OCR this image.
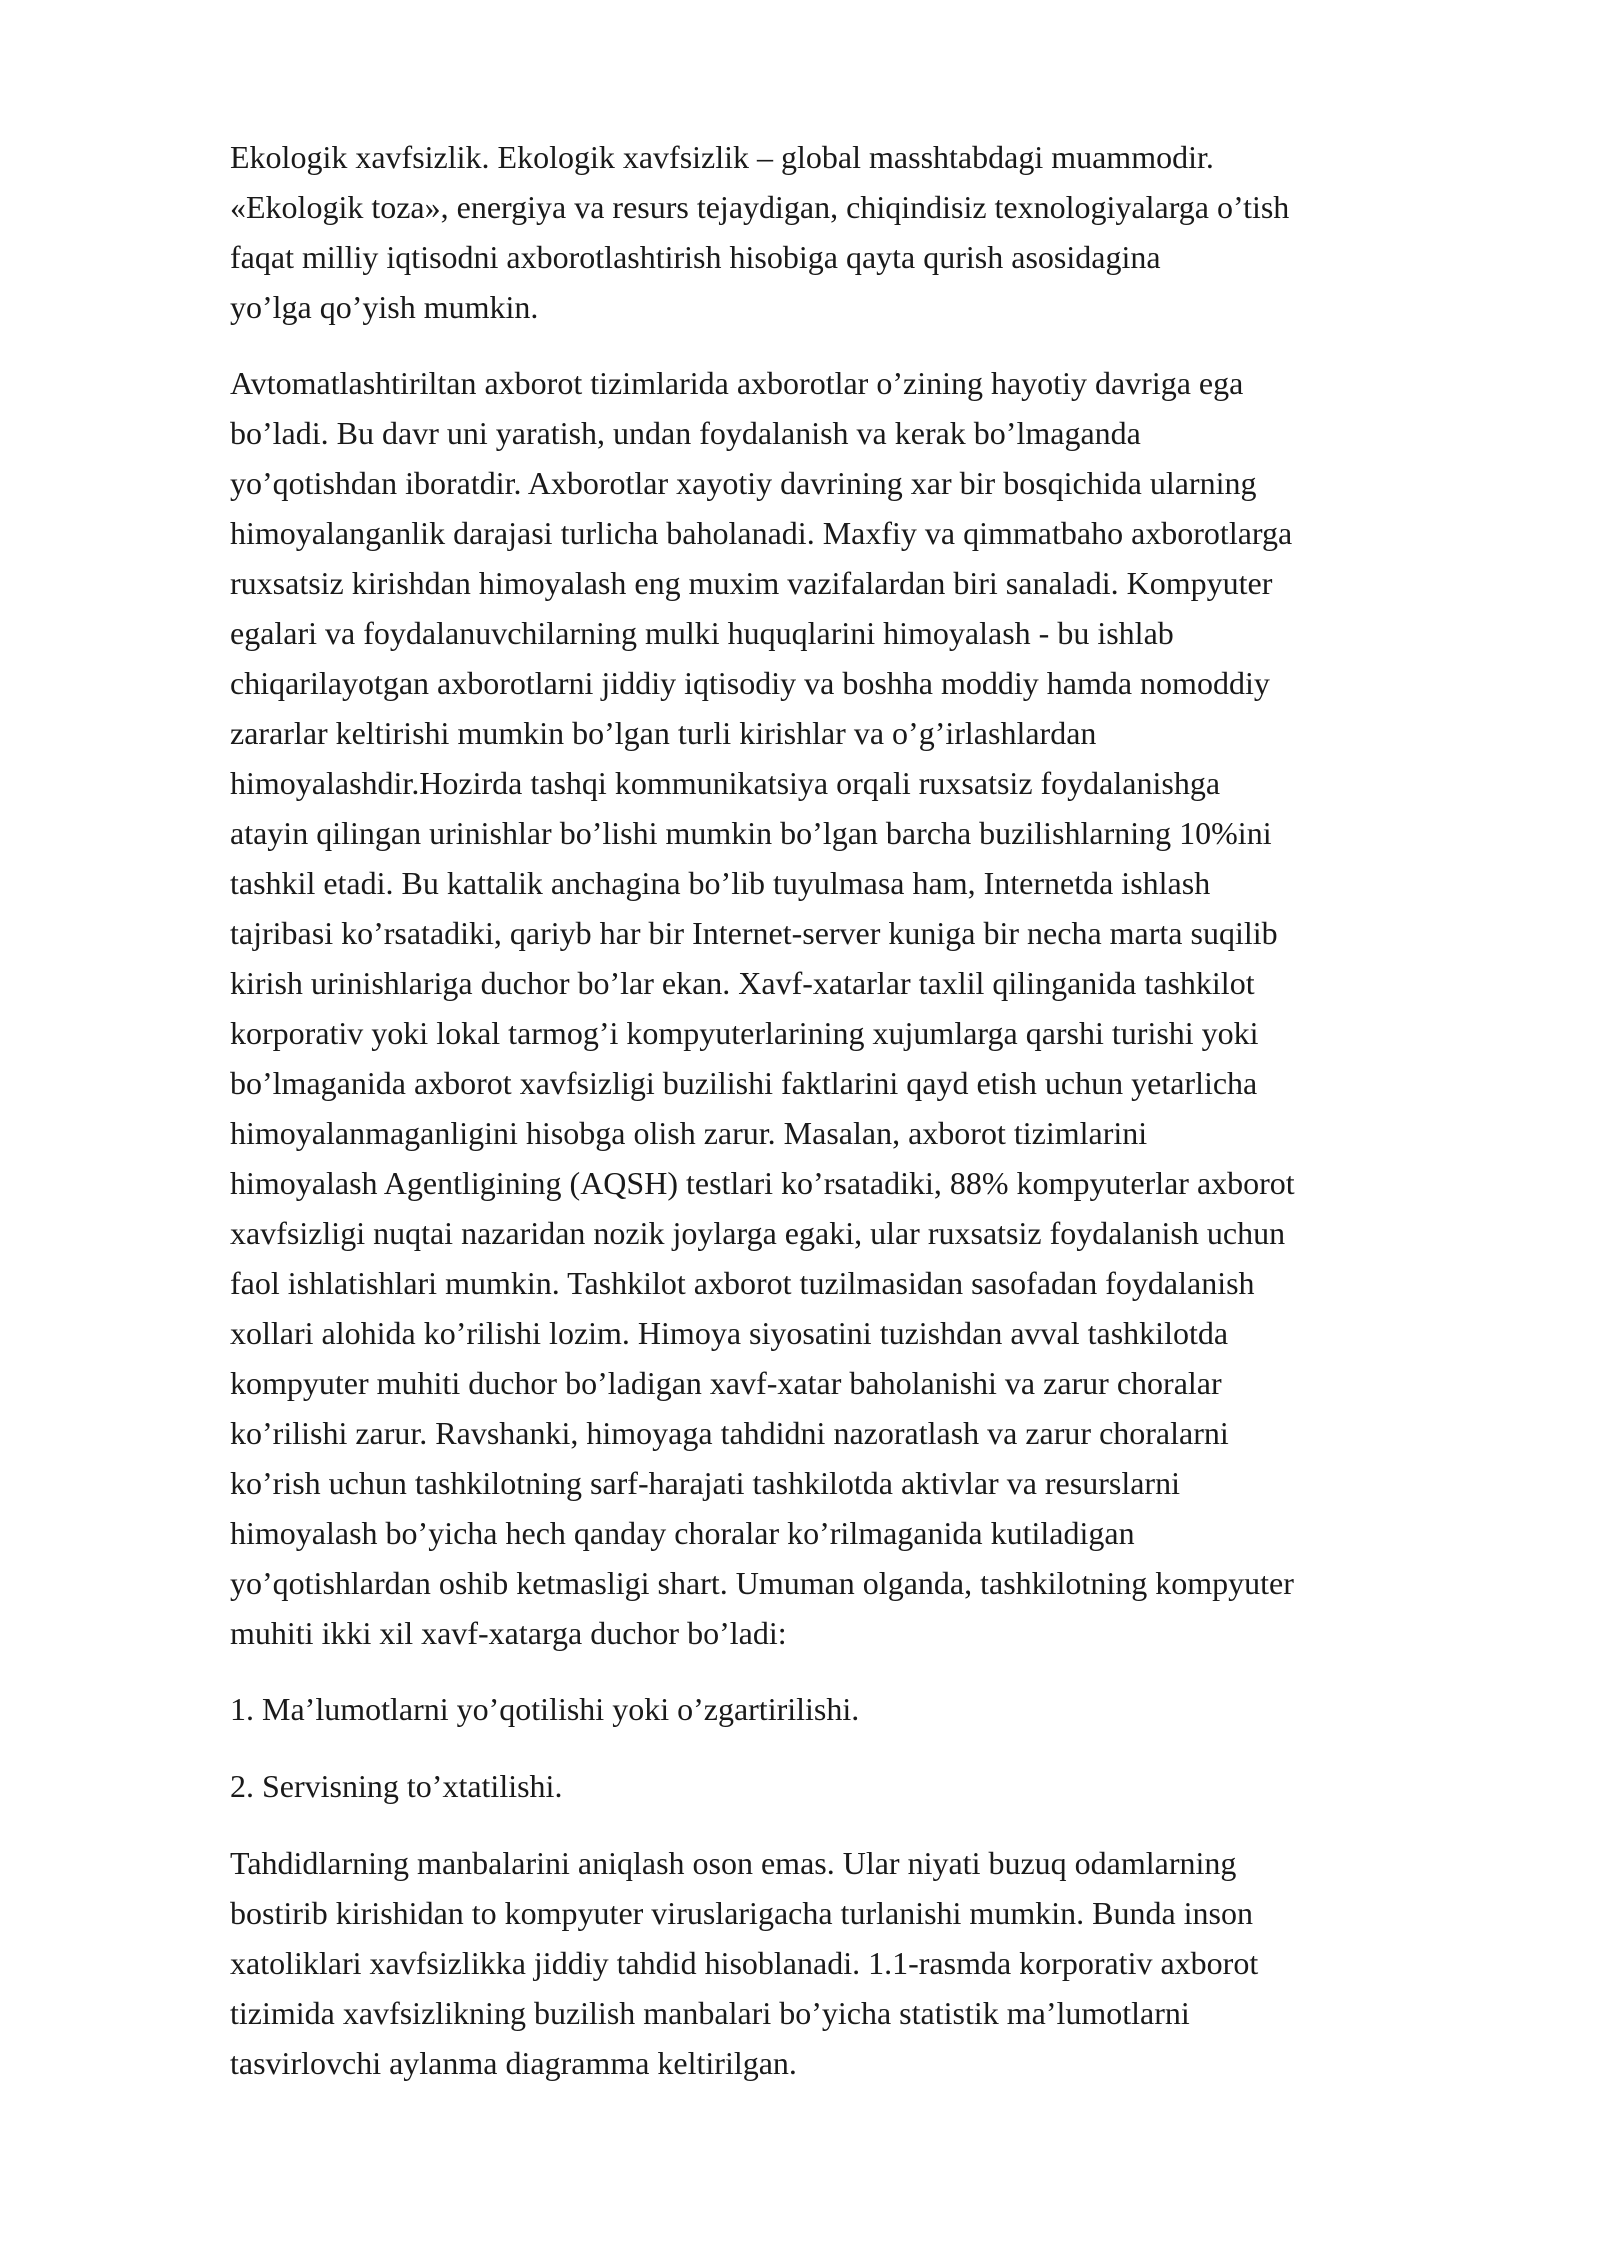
Ekologik xavfsizlik. Ekologik xavfsizlik – global masshtabdagi muammodir.
«Ekologik toza», energiya va resurs tejaydigan, chiqindisiz texnologiyalarga o’tish
faqat milliy iqtisodni axborotlashtirish hisobiga qayta qurish asosidagina
yo’lga qo’yish mumkin.
Avtomatlashtiriltan axborot tizimlarida axborotlar o’zining hayotiy davriga ega
bo’ladi. Bu davr uni yaratish, undan foydalanish va kerak bo’lmaganda
yo’qotishdan iboratdir. Axborotlar xayotiy davrining xar bir bosqichida ularning
himoyalanganlik darajasi turlicha baholanadi. Maxfiy va qimmatbaho axborotlarga
ruxsatsiz kirishdan himoyalash eng muxim vazifalardan biri sanaladi. Kompyuter
egalari va foydalanuvchilarning mulki huquqlarini himoyalash - bu ishlab
chiqarilayotgan axborotlarni jiddiy iqtisodiy va boshha moddiy hamda nomoddiy
zararlar keltirishi mumkin bo’lgan turli kirishlar va o’g’irlashlardan
himoyalashdir.Hozirda tashqi kommunikatsiya orqali ruxsatsiz foydalanishga
atayin qilingan urinishlar bo’lishi mumkin bo’lgan barcha buzilishlarning 10%ini
tashkil etadi. Bu kattalik anchagina bo’lib tuyulmasa ham, Internetda ishlash
tajribasi ko’rsatadiki, qariyb har bir Internet-server kuniga bir necha marta suqilib
kirish urinishlariga duchor bo’lar ekan. Xavf-xatarlar taxlil qilinganida tashkilot
korporativ yoki lokal tarmog’i kompyuterlarining xujumlarga qarshi turishi yoki
bo’lmaganida axborot xavfsizligi buzilishi faktlarini qayd etish uchun yetarlicha
himoyalanmaganligini hisobga olish zarur. Masalan, axborot tizimlarini
himoyalash Agentligining (AQSH) testlari ko’rsatadiki, 88% kompyuterlar axborot
xavfsizligi nuqtai nazaridan nozik joylarga egaki, ular ruxsatsiz foydalanish uchun
faol ishlatishlari mumkin. Tashkilot axborot tuzilmasidan sasofadan foydalanish
xollari alohida ko’rilishi lozim. Himoya siyosatini tuzishdan avval tashkilotda
kompyuter muhiti duchor bo’ladigan xavf-xatar baholanishi va zarur choralar
ko’rilishi zarur. Ravshanki, himoyaga tahdidni nazoratlash va zarur choralarni
ko’rish uchun tashkilotning sarf-harajati tashkilotda aktivlar va resurslarni
himoyalash bo’yicha hech qanday choralar ko’rilmaganida kutiladigan
yo’qotishlardan oshib ketmasligi shart. Umuman olganda, tashkilotning kompyuter
muhiti ikki xil xavf-xatarga duchor bo’ladi:
1. Ma’lumotlarni yo’qotilishi yoki o’zgartirilishi.
2. Servisning to’xtatilishi.
Tahdidlarning manbalarini aniqlash oson emas. Ular niyati buzuq odamlarning
bostirib kirishidan to kompyuter viruslarigacha turlanishi mumkin. Bunda inson
xatoliklari xavfsizlikka jiddiy tahdid hisoblanadi. 1.1-rasmda korporativ axborot
tizimida xavfsizlikning buzilish manbalari bo’yicha statistik ma’lumotlarni
tasvirlovchi aylanma diagramma keltirilgan.
